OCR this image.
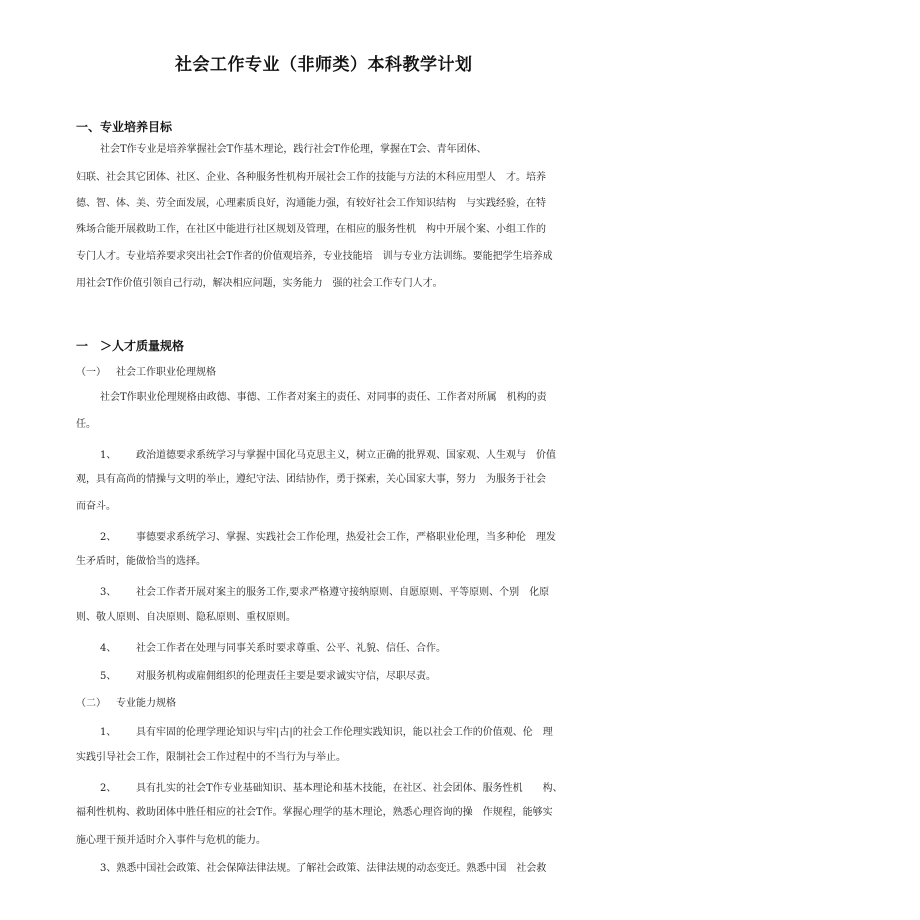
社会工作专业（非师类）本科教学计划
一、专业培养目标
社会T作专业是培养掌握社会T作基木理论，践行社会T作伦理，掌握在T会、青年团体、
妇联、社会其它团体、社区、企业、各种服务性机构开展社会工作的技能与方法的木科应用型人　才。培养
德、智、体、美、劳全面发展，心理素质良好，沟通能力强，有较好社会工作知识结构　与实践经验，在特
殊场合能开展救助工作，在社区中能进行社区规划及管理，在相应的服务性机　构中开展个案、小组工作的
专门人才。专业培养要求突出社会T作者的价值观培养，专业技能培　训与专业方法训练。要能把学生培养成
用社会T作价值引领自己行动，解决相应问题，实务能力　强的社会工作专门人才。
一　＞人才质量规格
（一） 社会工作职业伦理规格
社会T作职业伦理规格由政德、事德、工作者对案主的责任、对同事的责任、工作者对所属　机构的责
任。
1、 政治道德要求系统学习与掌握中国化马克思主义，树立正确的批界观、国家观、人生观与　价值
观，具有高尚的情操与文明的举止，遵纪守法、团结协作，勇于探索，关心国家大事，努力　为服务于社会
而奋斗。
2、 事德要求系统学习、掌握、实践社会工作伦理，热爱社会工作，严格职业伦理，当多种伦　理发
生矛盾时，能做恰当的选择。
3、 社会工作者开展对案主的服务工作,要求严格遵守接纳原则、自愿原则、平等原则、个别　化原
则、敬人原则、自决原则、隐私原则、重权原则。
4、 社会工作者在处理与同事关系时要求尊重、公平、礼貌、信任、合作。
5、 对服务机构或雇佣组织的伦理责任主要是要求诚实守信，尽职尽责。
（二） 专业能力规格
1、 具有牢固的伦理学理论知识与牢|古|的社会工作伦理实践知识，能以社会工作的价值观、伦　理
实践引导社会工作，限制社会工作过程中的不当行为与举止。
2、 具有扎实的社会T作专业基础知识、基本理论和基木技能，在社区、社会团体、服务性机　　构、
福利性机构、救助团体中胜任相应的社会T作。掌握心理学的基木理论，熟悉心理咨询的操　作规程，能够实
施心理干预并适时介入事件与危机的能力。
3、熟悉中国社会政策、社会保障法律法规。了解社会政策、法律法规的动态变迁。熟悉中国　社会救
